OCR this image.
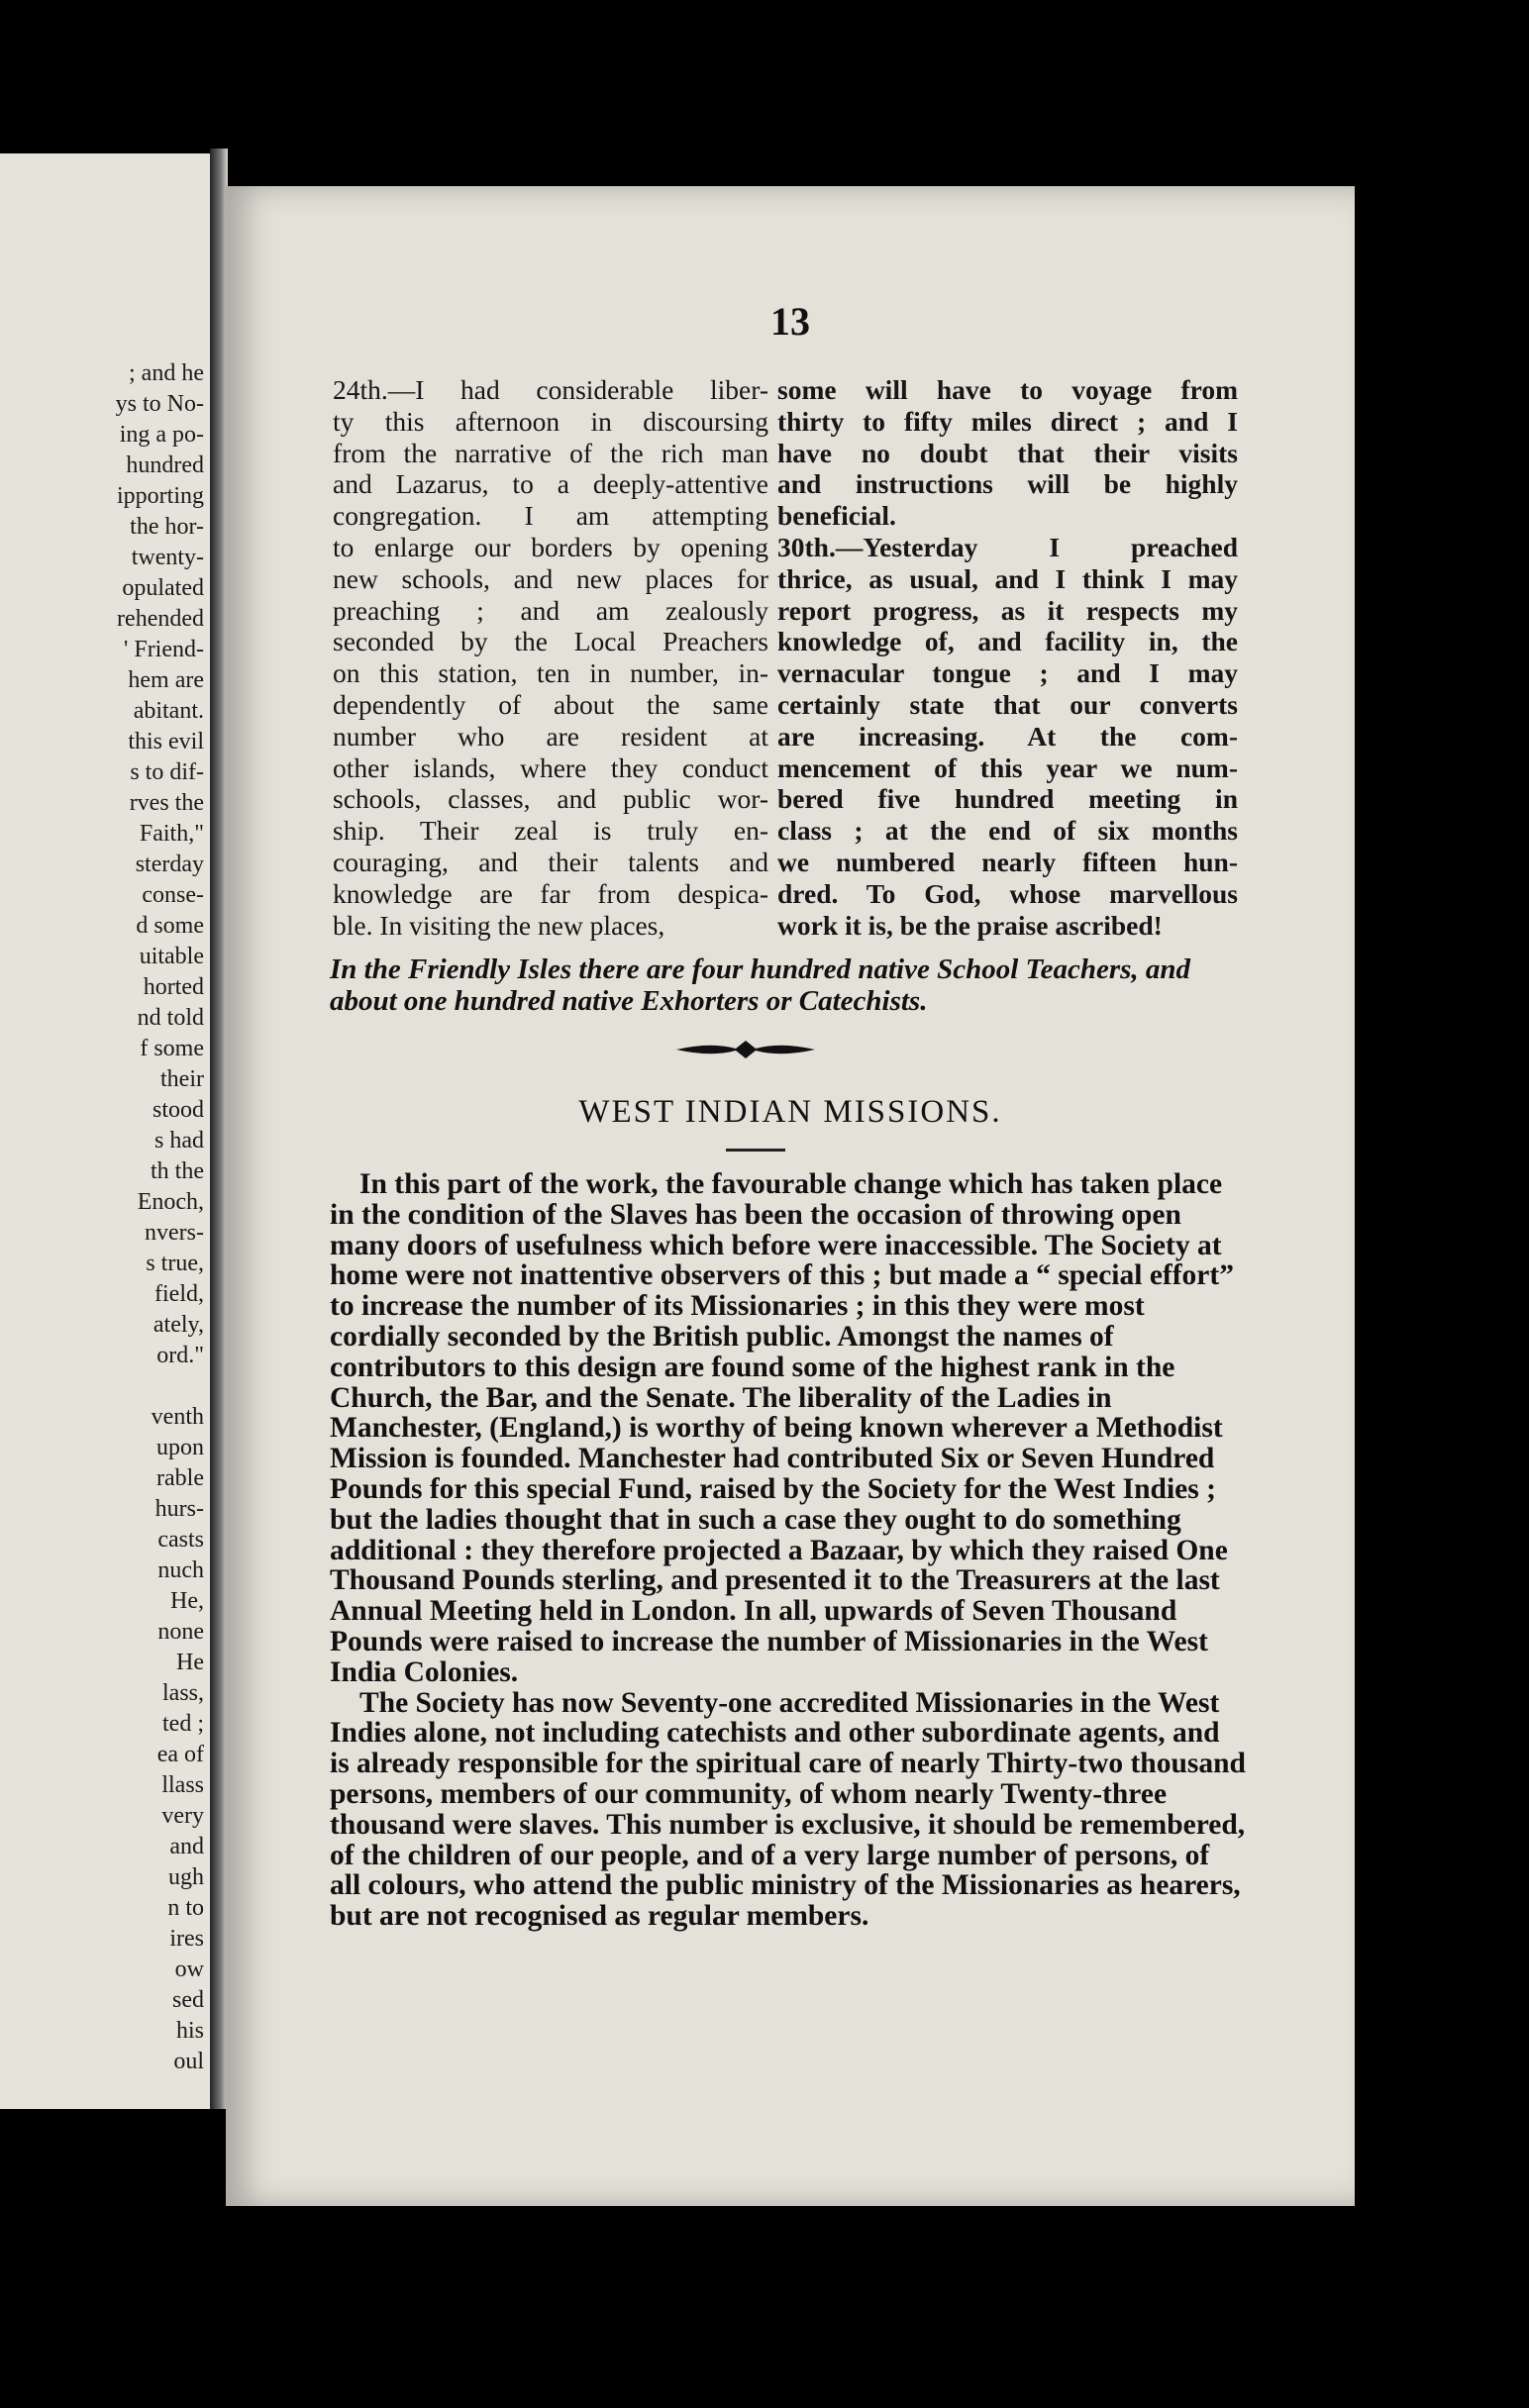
; and he
ys to No-
ing a po-
hundred
ipporting
the hor-
twenty-
opulated
rehended
' Friend-
hem are
abitant.
this evil
s to dif-
rves the
Faith,"
sterday
conse-
d some
uitable
horted
nd told
f some
their
stood
s had
th the
Enoch,
nvers-
s true,
field,
ately,
ord."
venth
upon
rable
hurs-
casts
nuch
He,
none
He
lass,
ted ;
ea of
llass
very
and
ugh
n to
ires
ow
sed
his
oul
13
24th.—I had considerable liber-
ty this afternoon in discoursing
from the narrative of the rich man
and Lazarus, to a deeply-attentive
congregation. I am attempting
to enlarge our borders by opening
new schools, and new places for
preaching ; and am zealously
seconded by the Local Preachers
on this station, ten in number, in-
dependently of about the same
number who are resident at
other islands, where they conduct
schools, classes, and public wor-
ship. Their zeal is truly en-
couraging, and their talents and
knowledge are far from despica-
ble. In visiting the new places,
some will have to voyage from
thirty to fifty miles direct ; and I
have no doubt that their visits
and instructions will be highly
beneficial.
30th.—Yesterday I preached
thrice, as usual, and I think I may
report progress, as it respects my
knowledge of, and facility in, the
vernacular tongue ; and I may
certainly state that our converts
are increasing. At the com-
mencement of this year we num-
bered five hundred meeting in
class ; at the end of six months
we numbered nearly fifteen hun-
dred. To God, whose marvellous
work it is, be the praise ascribed!
In the Friendly Isles there are four hundred native School Teachers, and about one hundred native Exhorters or Catechists.
WEST INDIAN MISSIONS.

In this part of the work, the favourable change which has taken place in the condition of the Slaves has been the occasion of throwing open many doors of usefulness which before were inaccessible. The Society at home were not inattentive observers of this ; but made a “ special effort” to increase the number of its Missionaries ; in this they were most cordially seconded by the British public. Amongst the names of contributors to this design are found some of the highest rank in the Church, the Bar, and the Senate. The liberality of the Ladies in Manchester, (England,) is worthy of being known wherever a Methodist Mission is founded. Manchester had contributed Six or Seven Hundred Pounds for this special Fund, raised by the Society for the West Indies ; but the ladies thought that in such a case they ought to do something additional : they therefore projected a Bazaar, by which they raised One Thousand Pounds sterling, and presented it to the Treasurers at the last Annual Meeting held in London. In all, upwards of Seven Thousand Pounds were raised to increase the number of Missionaries in the West India Colonies.

The Society has now Seventy-one accredited Missionaries in the West Indies alone, not including catechists and other subordinate agents, and is already responsible for the spiritual care of nearly Thirty-two thousand persons, members of our community, of whom nearly Twenty-three thousand were slaves. This number is exclusive, it should be remembered, of the children of our people, and of a very large number of persons, of all colours, who attend the public ministry of the Missionaries as hearers, but are not recognised as regular members.
